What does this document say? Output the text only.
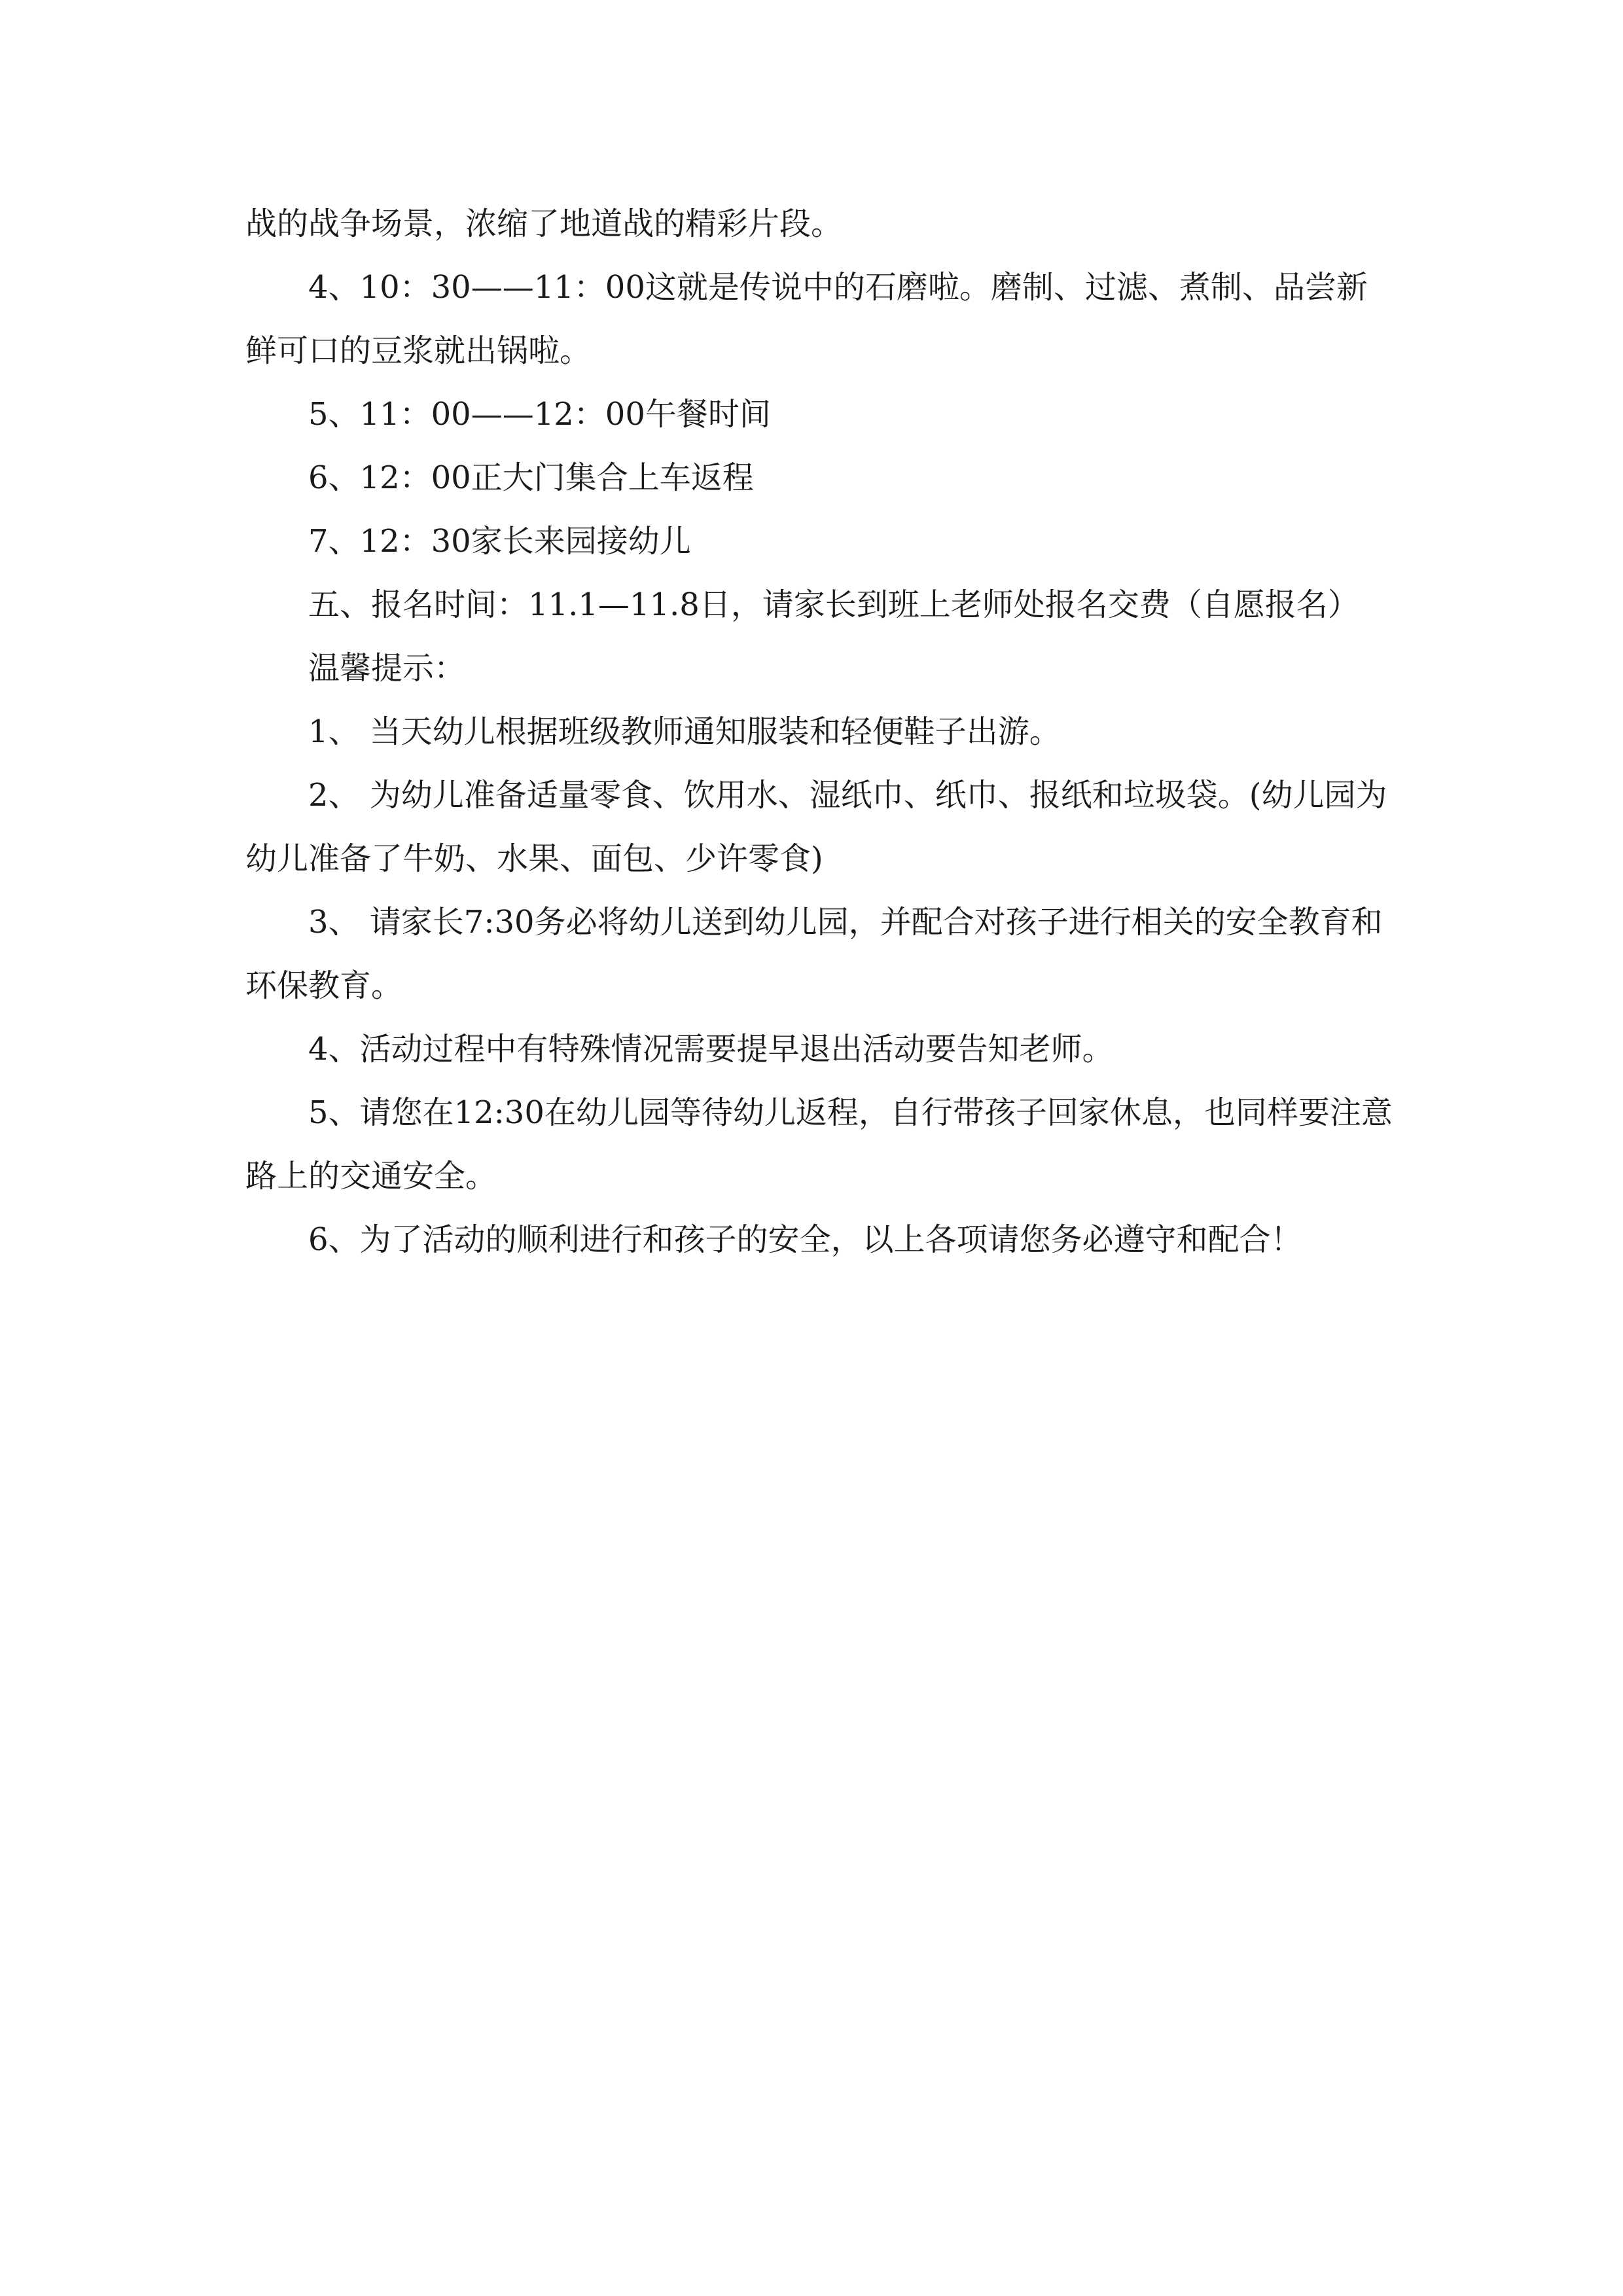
战的战争场景，浓缩了地道战的精彩片段。

4、10：30——11：00这就是传说中的石磨啦。磨制、过滤、煮制、品尝新鲜可口的豆浆就出锅啦。

5、11：00——12：00午餐时间

6、12：00正大门集合上车返程

7、12：30家长来园接幼儿

五、报名时间：11.1—11.8日，请家长到班上老师处报名交费（自愿报名）

温馨提示：

1、 当天幼儿根据班级教师通知服装和轻便鞋子出游。

2、 为幼儿准备适量零食、饮用水、湿纸巾、纸巾、报纸和垃圾袋。(幼儿园为幼儿准备了牛奶、水果、面包、少许零食)

3、 请家长7:30务必将幼儿送到幼儿园，并配合对孩子进行相关的安全教育和环保教育。

4、活动过程中有特殊情况需要提早退出活动要告知老师。

5、请您在12:30在幼儿园等待幼儿返程，自行带孩子回家休息，也同样要注意路上的交通安全。

6、为了活动的顺利进行和孩子的安全，以上各项请您务必遵守和配合！
